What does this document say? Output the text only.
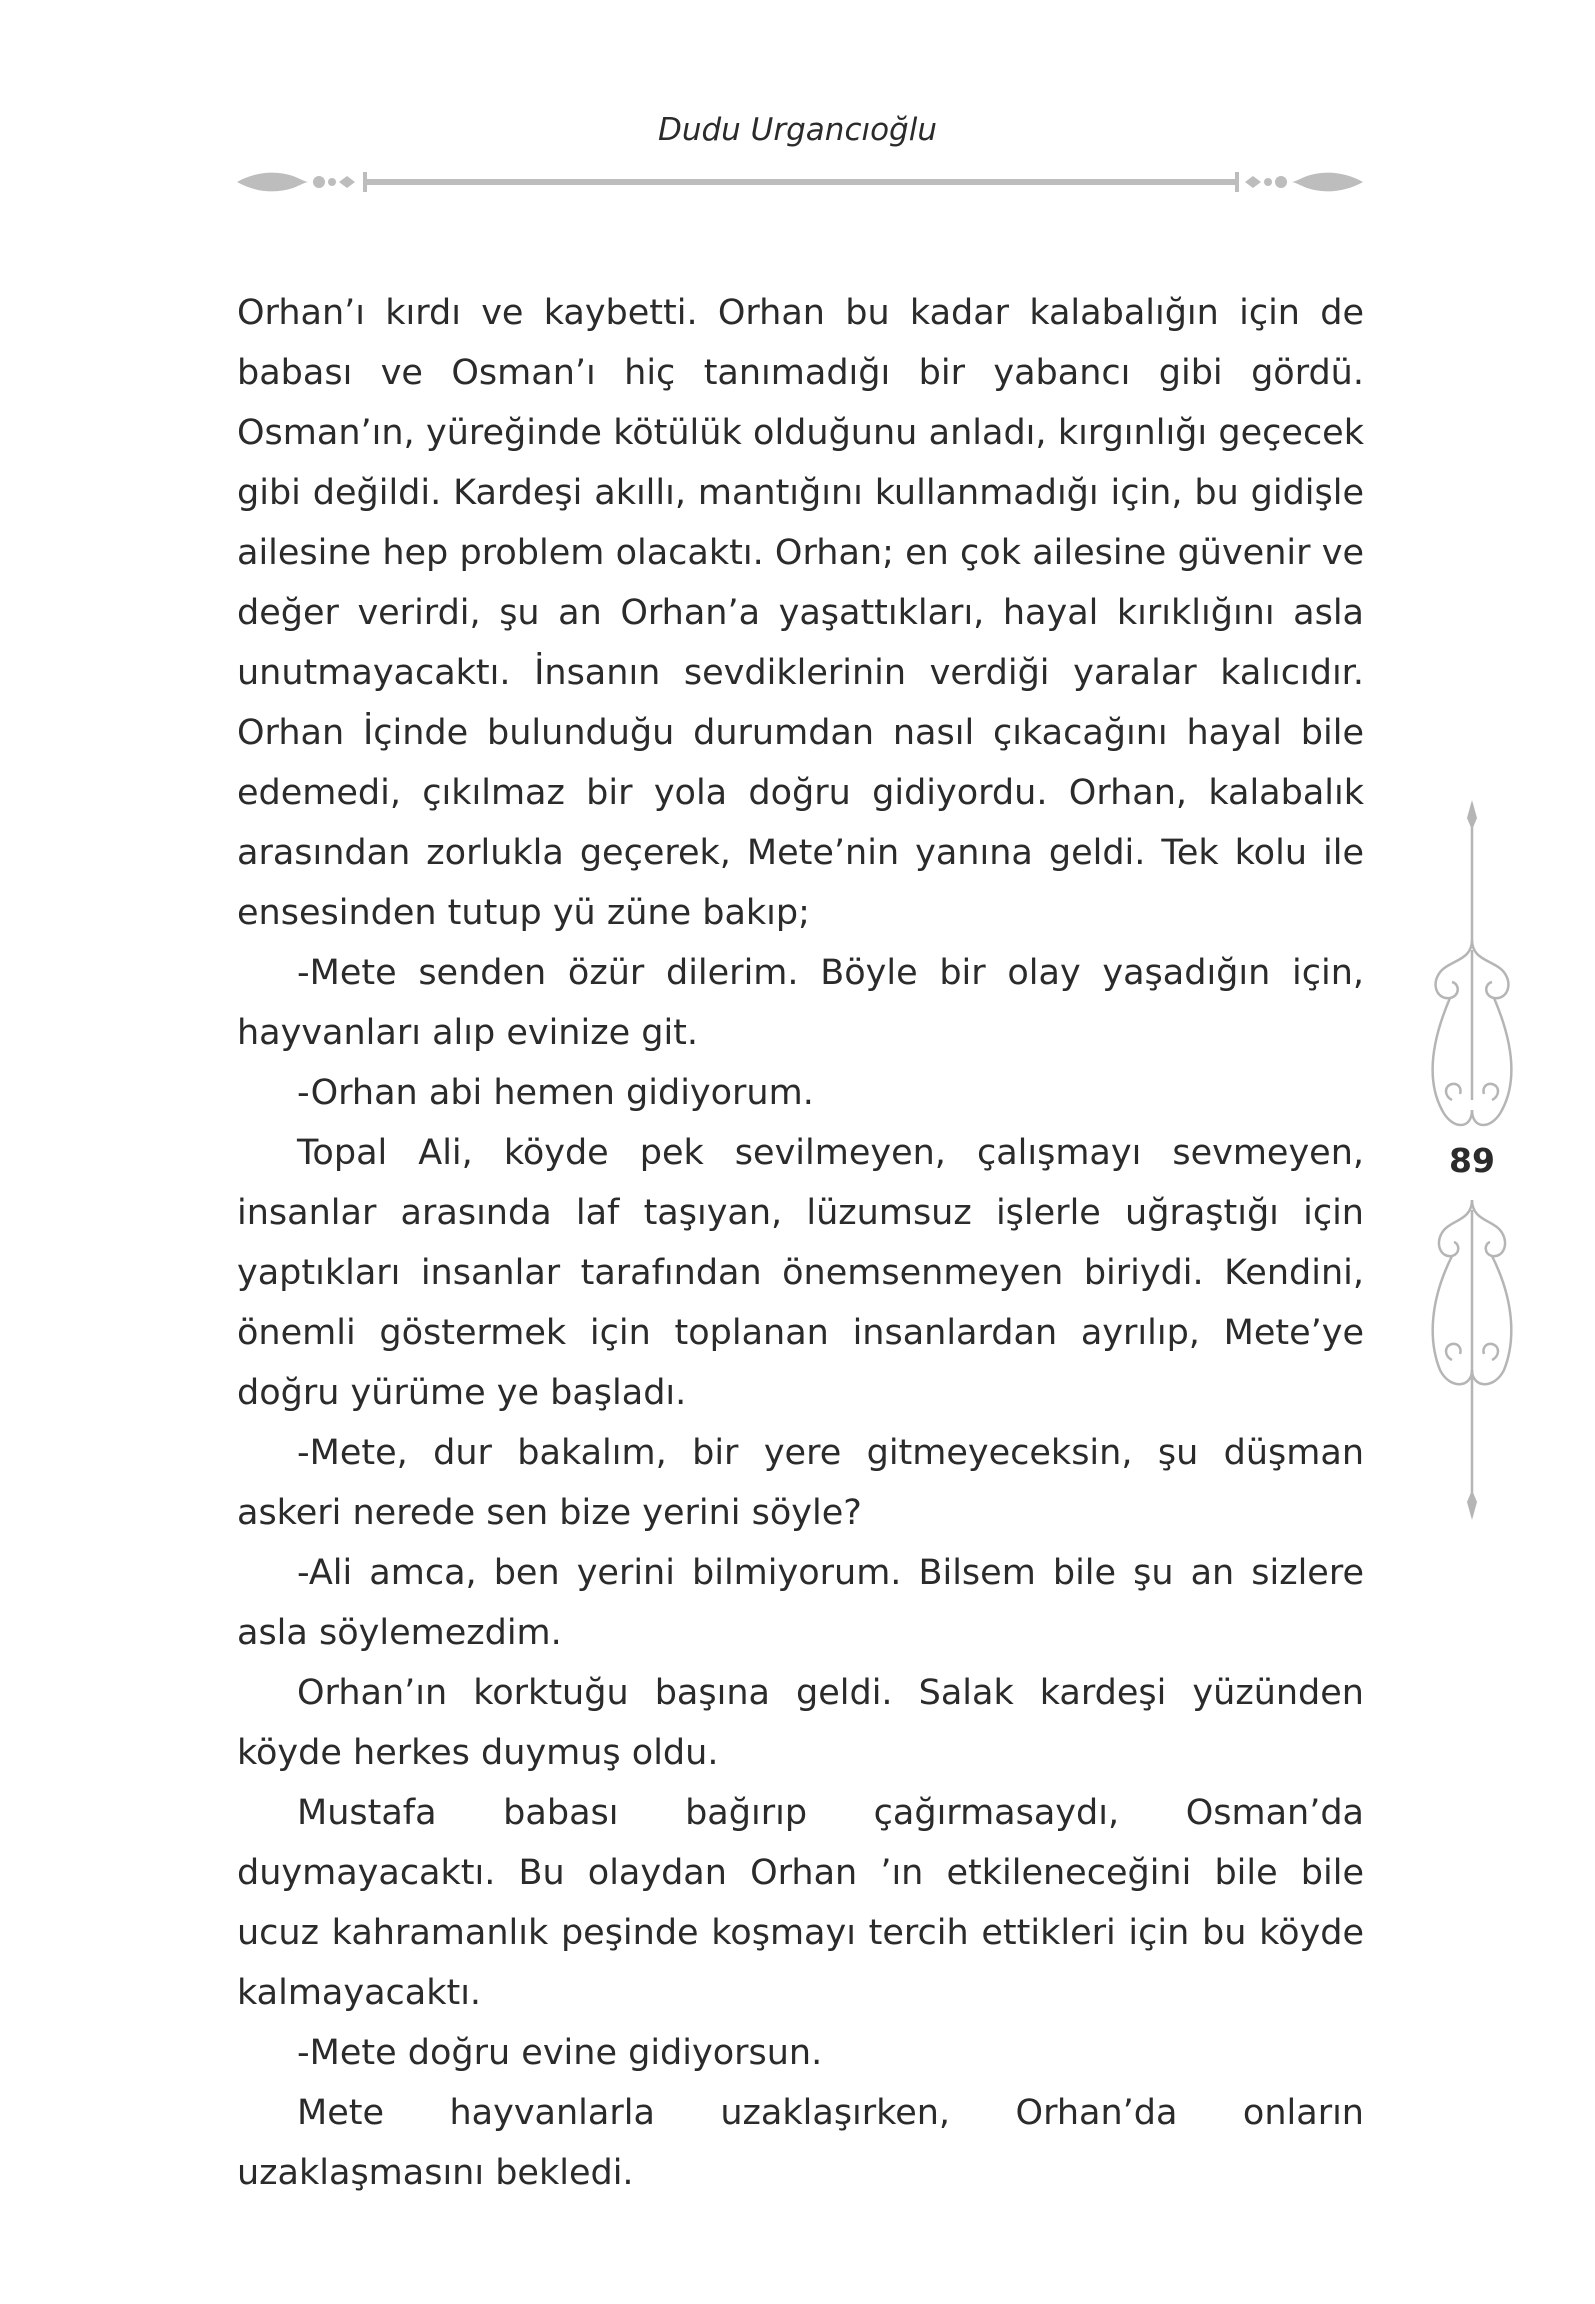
Dudu Urgancıoğlu

Orhan’ı kırdı ve kaybetti. Orhan bu kadar kalabalığın için de babası ve Osman’ı hiç tanımadığı bir yabancı gibi gördü. Osman’ın, yüreğinde kötülük olduğunu anladı, kırgınlığı geçecek gibi değildi. Kardeşi akıllı, mantığını kullanmadığı için, bu gidişle ailesine hep problem olacaktı. Orhan; en çok ailesine güvenir ve değer verirdi, şu an Orhan’a yaşattıkları, hayal kırıklığını asla unutmayacaktı. İnsanın sevdiklerinin verdiği yaralar kalıcıdır. Orhan İçinde bulunduğu durumdan nasıl çıkacağını hayal bile edemedi, çıkılmaz bir yola doğru gidiyordu. Orhan, kalabalık arasından zorlukla geçerek, Mete’nin yanına geldi. Tek kolu ile ensesinden tutup yü züne bakıp;

-Mete senden özür dilerim. Böyle bir olay yaşadığın için, hayvanları alıp evinize git.

-Orhan abi hemen gidiyorum.

Topal Ali, köyde pek sevilmeyen, çalışmayı sevmeyen, insanlar arasında laf taşıyan, lüzumsuz işlerle uğraştığı için yaptıkları insanlar tarafından önemsenmeyen biriydi. Kendini, önemli göstermek için toplanan insanlardan ayrılıp, Mete’ye doğru yürüme ye başladı.

-Mete, dur bakalım, bir yere gitmeyeceksin, şu düşman askeri nerede sen bize yerini söyle?

-Ali amca, ben yerini bilmiyorum. Bilsem bile şu an sizlere asla söylemezdim.

Orhan’ın korktuğu başına geldi. Salak kardeşi yüzünden köyde herkes duymuş oldu.

Mustafa babası bağırıp çağırmasaydı, Osman’da duymayacaktı. Bu olaydan Orhan ’ın etkileneceğini bile bile ucuz kahramanlık peşinde koşmayı tercih ettikleri için bu köyde kalmayacaktı.

-Mete doğru evine gidiyorsun.

Mete hayvanlarla uzaklaşırken, Orhan’da onların uzaklaşmasını bekledi.

89
